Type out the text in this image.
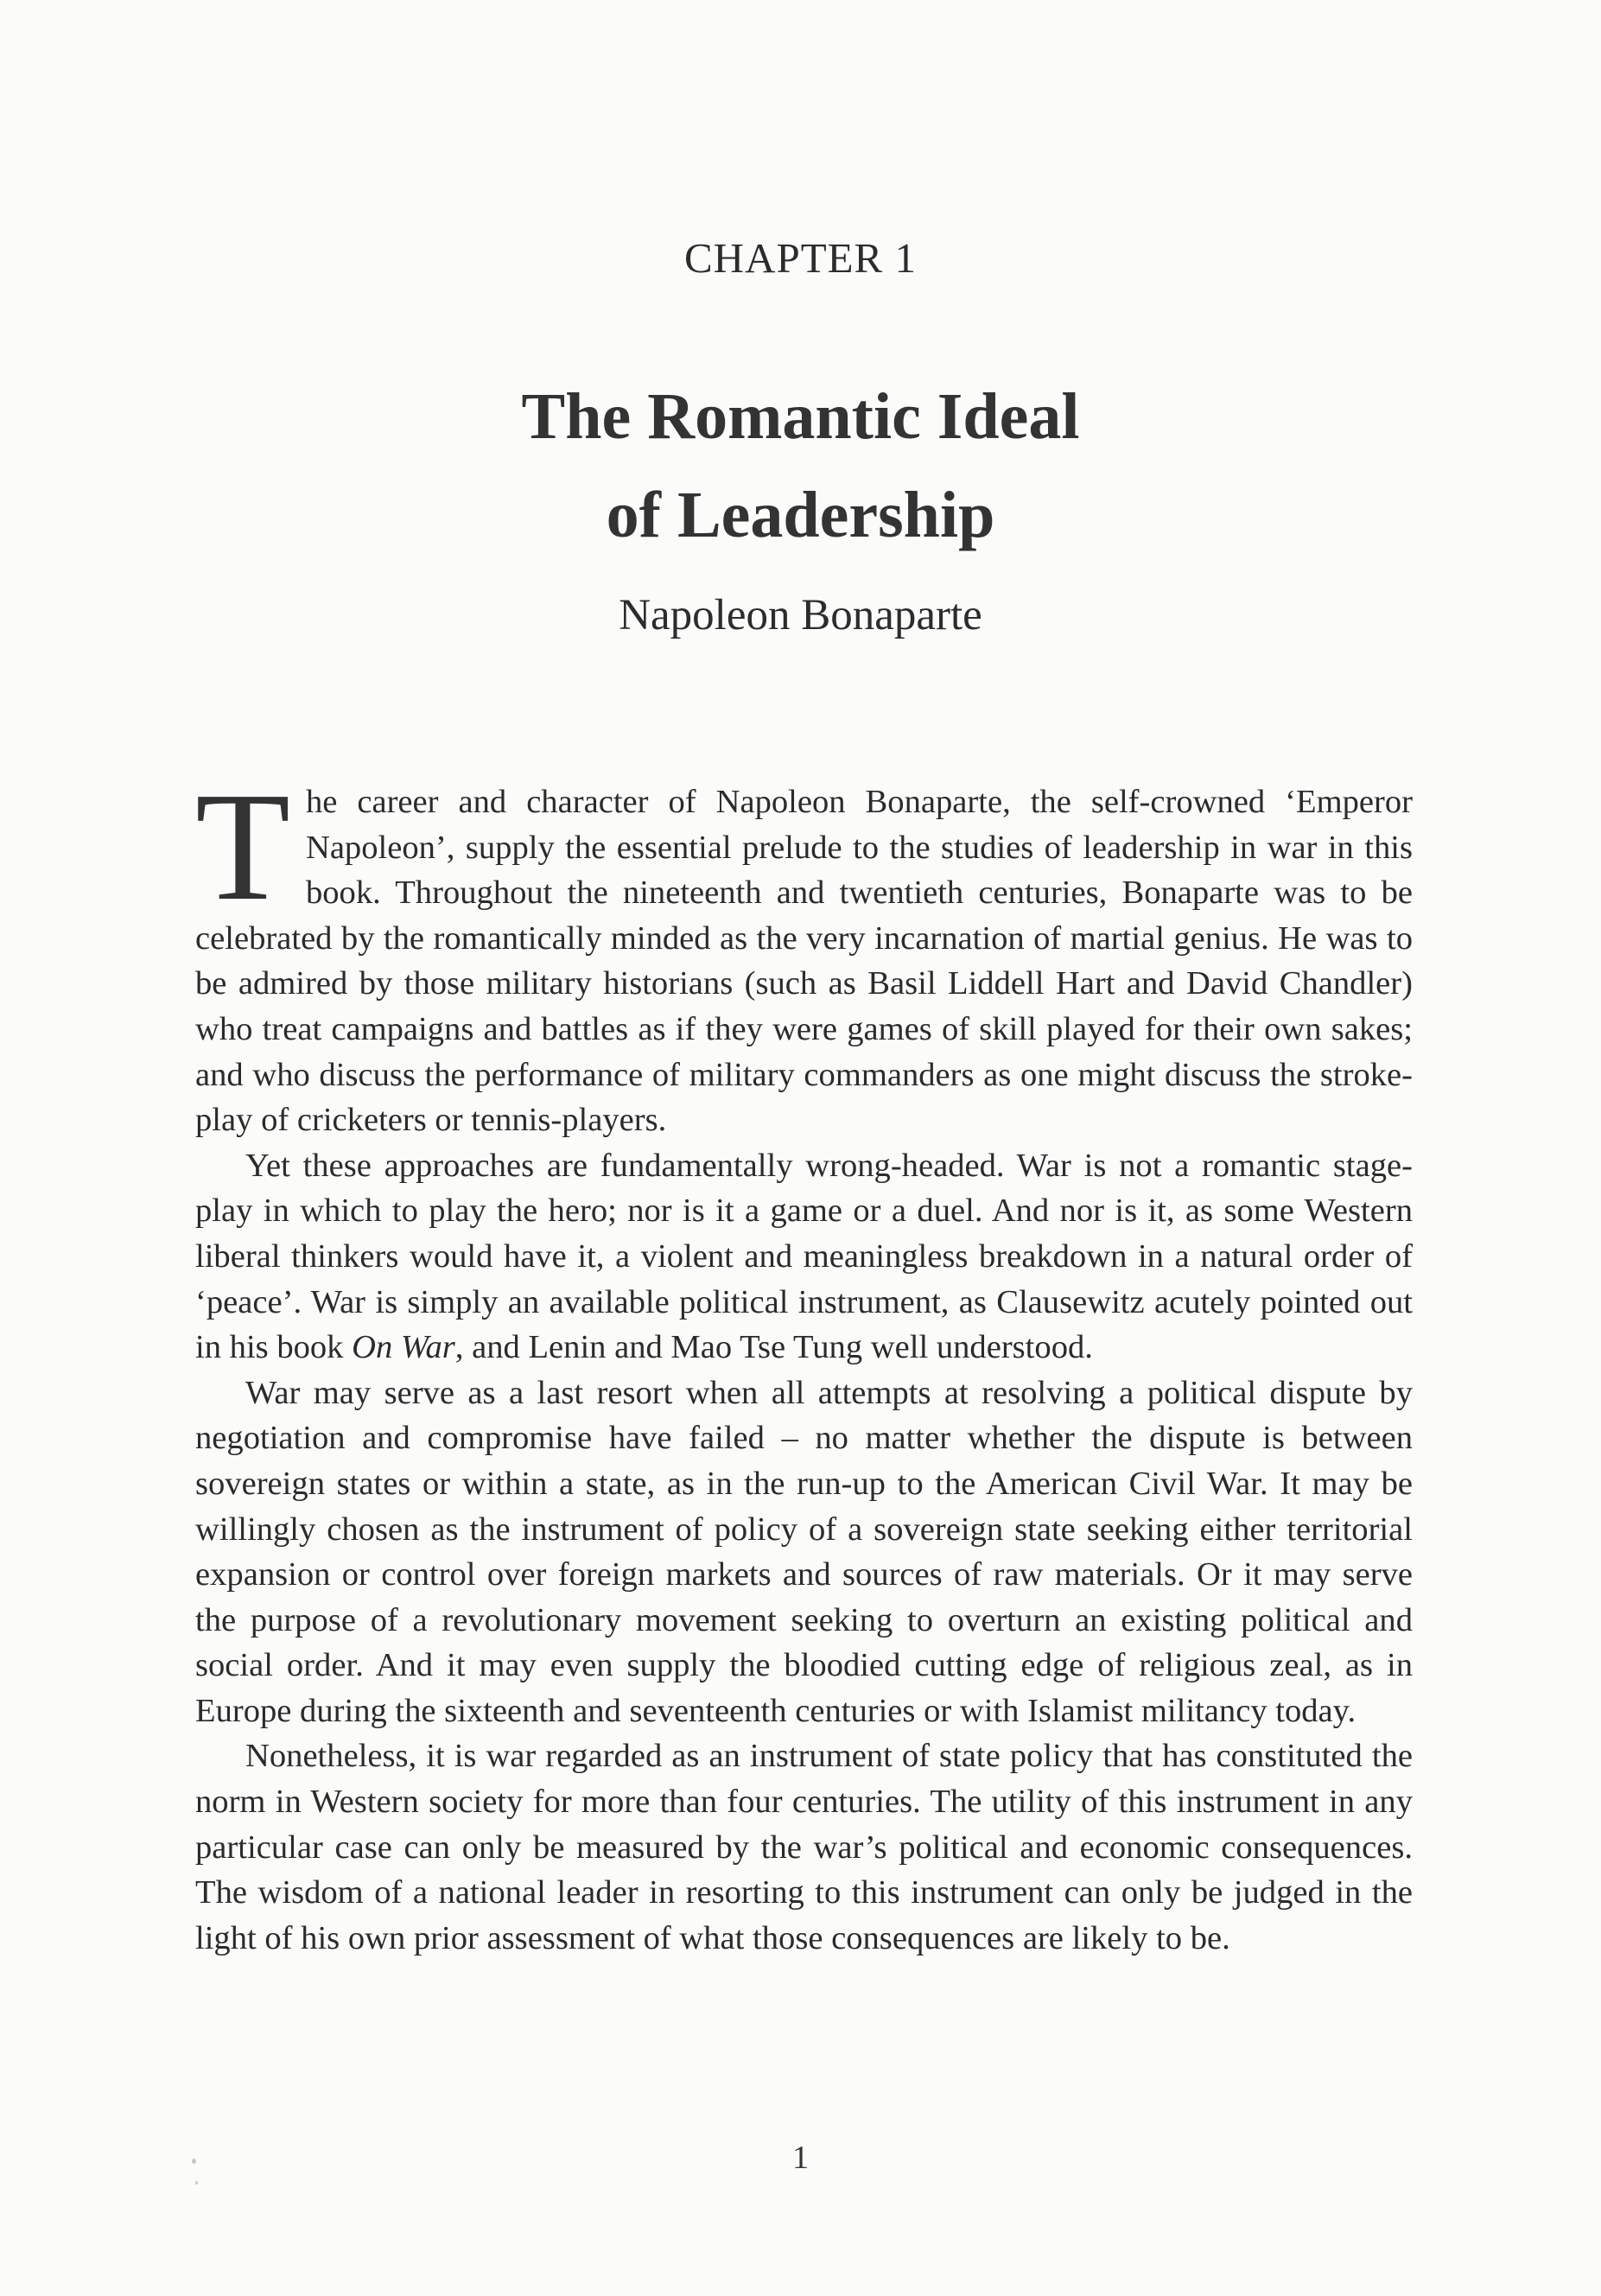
CHAPTER 1
The Romantic Ideal
of Leadership
Napoleon Bonaparte

The career and character of Napoleon Bonaparte, the self-crowned ‘Emperor Napoleon’, supply the essential prelude to the studies of leadership in war in this book. Throughout the nineteenth and twentieth centuries, Bonaparte was to be celebrated by the romantically minded as the very incarnation of martial genius. He was to be admired by those military historians (such as Basil Liddell Hart and David Chandler) who treat campaigns and battles as if they were games of skill played for their own sakes; and who discuss the performance of military commanders as one might discuss the stroke-play of cricketers or tennis-players.

Yet these approaches are fundamentally wrong-headed. War is not a romantic stage-play in which to play the hero; nor is it a game or a duel. And nor is it, as some Western liberal thinkers would have it, a violent and meaningless breakdown in a natural order of ‘peace’. War is simply an available political instrument, as Clausewitz acutely pointed out in his book On War, and Lenin and Mao Tse Tung well understood.

War may serve as a last resort when all attempts at resolving a political dispute by negotiation and compromise have failed – no matter whether the dispute is between sovereign states or within a state, as in the run-up to the American Civil War. It may be willingly chosen as the instrument of policy of a sovereign state seeking either territorial expansion or control over foreign markets and sources of raw materials. Or it may serve the purpose of a revolutionary movement seeking to overturn an existing political and social order. And it may even supply the bloodied cutting edge of religious zeal, as in Europe during the sixteenth and seventeenth centuries or with Islamist militancy today.

Nonetheless, it is war regarded as an instrument of state policy that has constituted the norm in Western society for more than four centuries. The utility of this instrument in any particular case can only be measured by the war’s political and economic consequences. The wisdom of a national leader in resorting to this instrument can only be judged in the light of his own prior assessment of what those consequences are likely to be.

1
